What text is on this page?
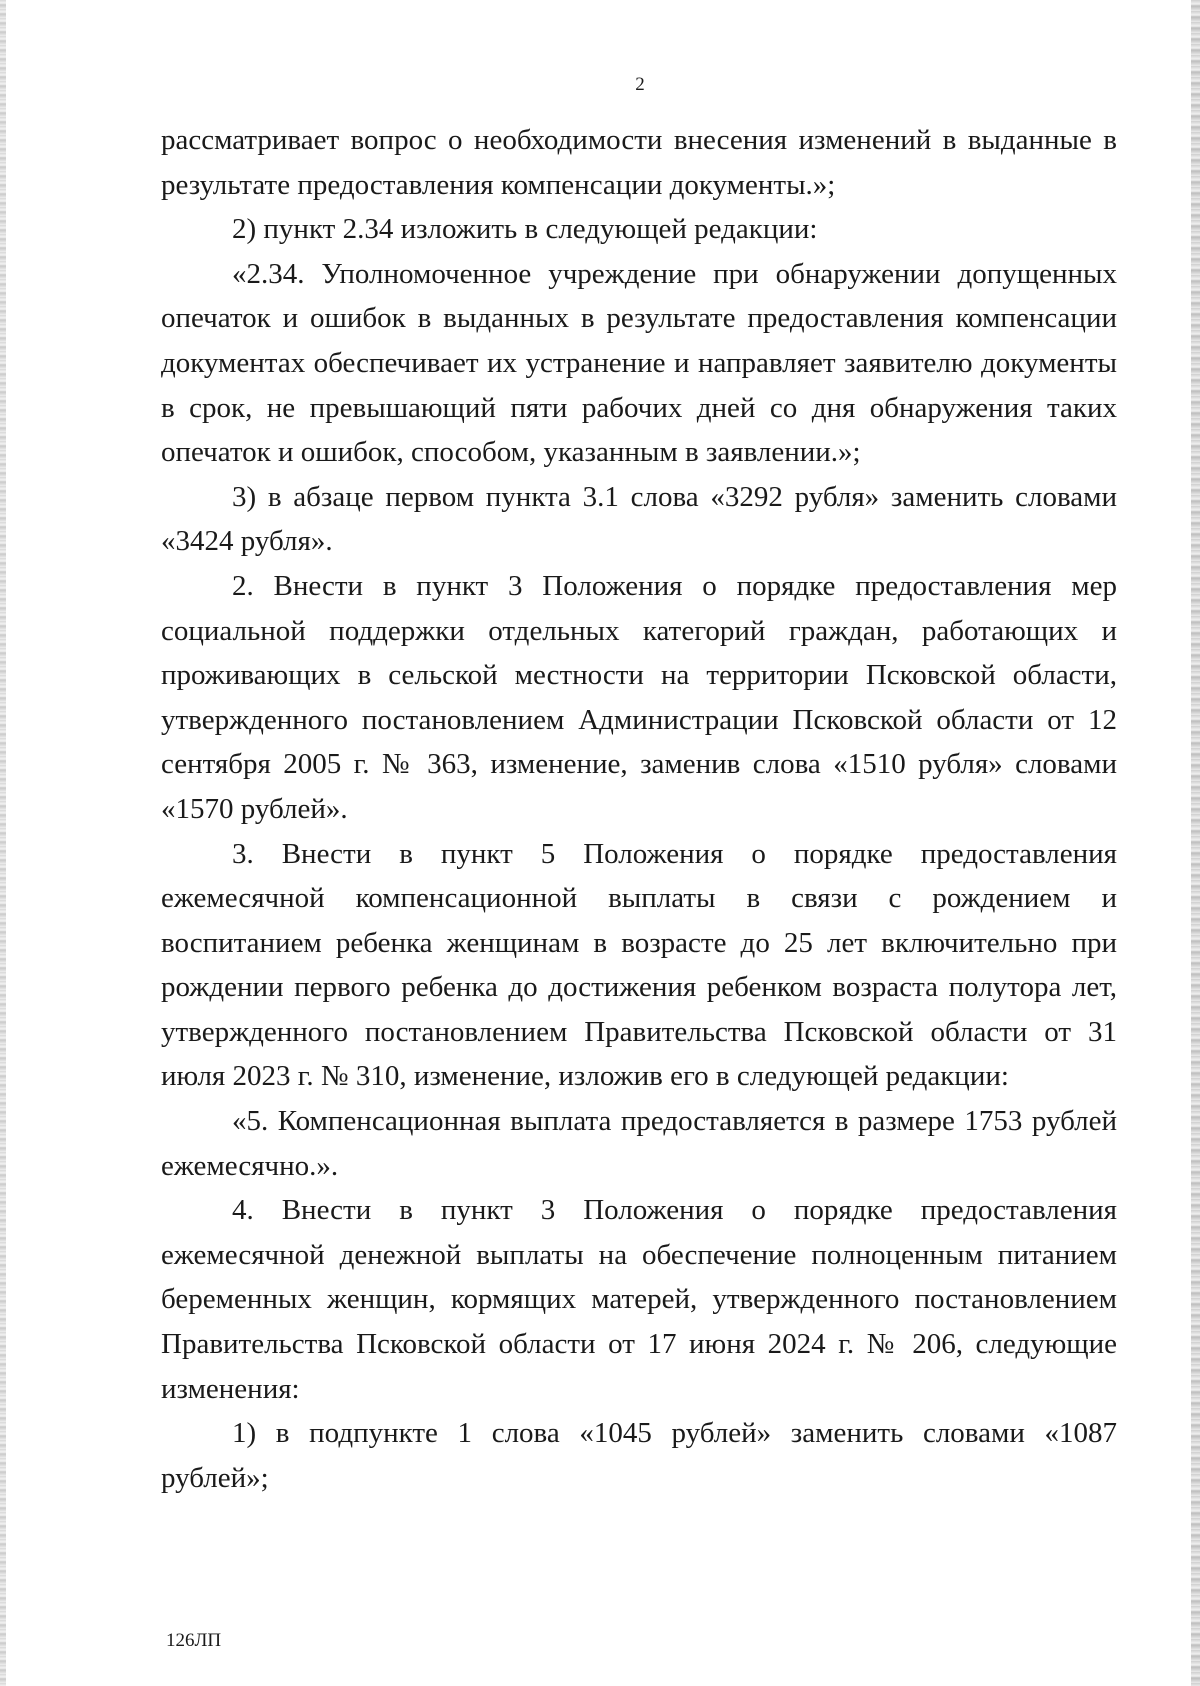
2

рассматривает вопрос о необходимости внесения изменений в выданные в результате предоставления компенсации документы.»;

2) пункт 2.34 изложить в следующей редакции:

«2.34. Уполномоченное учреждение при обнаружении допущенных опечаток и ошибок в выданных в результате предоставления компенсации документах обеспечивает их устранение и направляет заявителю документы в срок, не превышающий пяти рабочих дней со дня обнаружения таких опечаток и ошибок, способом, указанным в заявлении.»;

3) в абзаце первом пункта 3.1 слова «3292 рубля» заменить словами «3424 рубля».

2. Внести в пункт 3 Положения о порядке предоставления мер социальной поддержки отдельных категорий граждан, работающих и проживающих в сельской местности на территории Псковской области, утвержденного постановлением Администрации Псковской области от 12 сентября 2005 г. № 363, изменение, заменив слова «1510 рубля» словами «1570 рублей».

3. Внести в пункт 5 Положения о порядке предоставления ежемесячной компенсационной выплаты в связи с рождением и воспитанием ребенка женщинам в возрасте до 25 лет включительно при рождении первого ребенка до достижения ребенком возраста полутора лет, утвержденного постановлением Правительства Псковской области от 31 июля 2023 г. № 310, изменение, изложив его в следующей редакции:

«5. Компенсационная выплата предоставляется в размере 1753 рублей ежемесячно.».

4. Внести в пункт 3 Положения о порядке предоставления ежемесячной денежной выплаты на обеспечение полноценным питанием беременных женщин, кормящих матерей, утвержденного постановлением Правительства Псковской области от 17 июня 2024 г. № 206, следующие изменения:

1) в подпункте 1 слова «1045 рублей» заменить словами «1087 рублей»;

126ЛП
